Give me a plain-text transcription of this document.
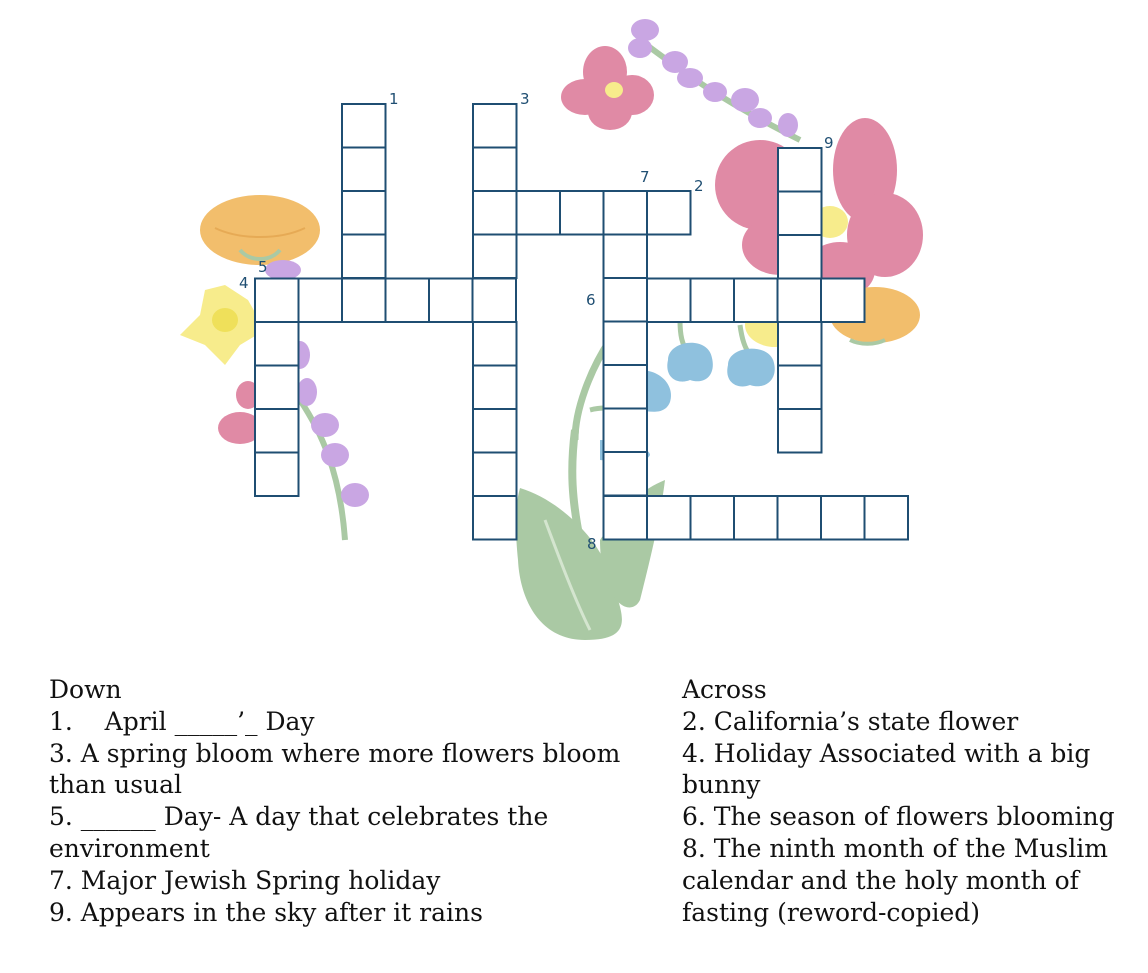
1
2
3
4
5
6
7
8
9
Down
1.    April _____’_ Day
3. A spring bloom where more flowers bloom than usual
5. ______ Day- A day that celebrates the environment
7. Major Jewish Spring holiday
9. Appears in the sky after it rains
Across
2. California’s state flower
4. Holiday Associated with a big bunny
6. The season of flowers blooming
8. The ninth month of the Muslim calendar and the holy month of fasting (reword-copied)
